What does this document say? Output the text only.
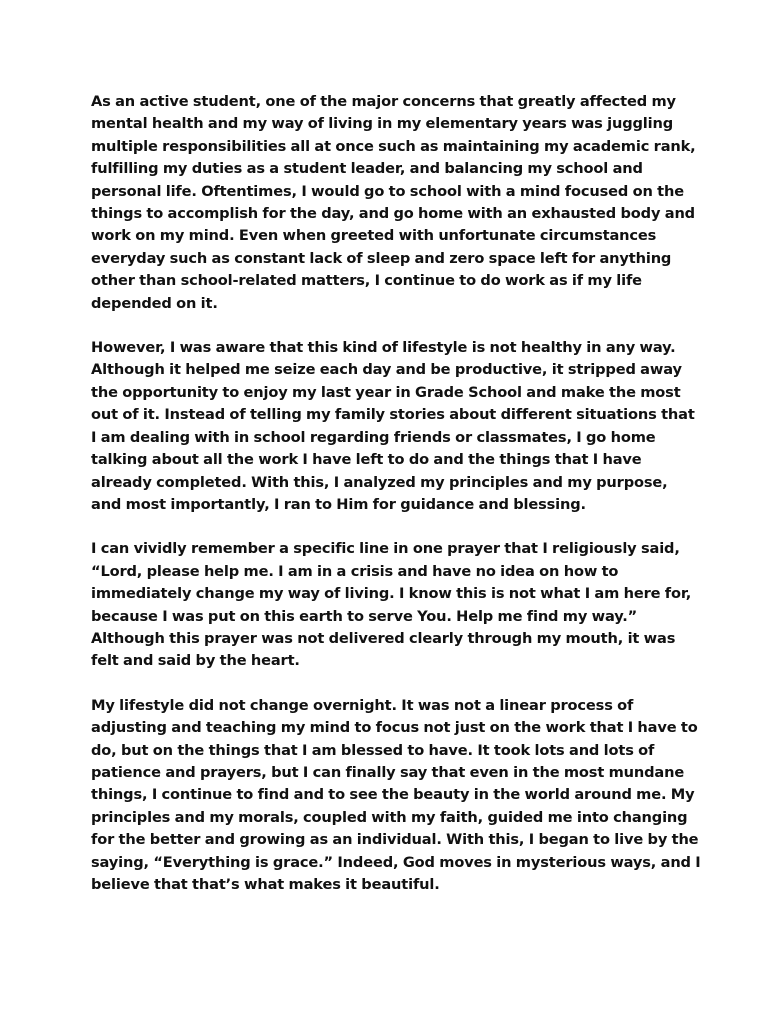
As an active student, one of the major concerns that greatly affected my
mental health and my way of living in my elementary years was juggling
multiple responsibilities all at once such as maintaining my academic rank,
fulfilling my duties as a student leader, and balancing my school and
personal life. Oftentimes, I would go to school with a mind focused on the
things to accomplish for the day, and go home with an exhausted body and
work on my mind. Even when greeted with unfortunate circumstances
everyday such as constant lack of sleep and zero space left for anything
other than school-related matters, I continue to do work as if my life
depended on it.

However, I was aware that this kind of lifestyle is not healthy in any way.
Although it helped me seize each day and be productive, it stripped away
the opportunity to enjoy my last year in Grade School and make the most
out of it. Instead of telling my family stories about different situations that
I am dealing with in school regarding friends or classmates, I go home
talking about all the work I have left to do and the things that I have
already completed. With this, I analyzed my principles and my purpose,
and most importantly, I ran to Him for guidance and blessing.

I can vividly remember a specific line in one prayer that I religiously said,
“Lord, please help me. I am in a crisis and have no idea on how to
immediately change my way of living. I know this is not what I am here for,
because I was put on this earth to serve You. Help me find my way.”
Although this prayer was not delivered clearly through my mouth, it was
felt and said by the heart.

My lifestyle did not change overnight. It was not a linear process of
adjusting and teaching my mind to focus not just on the work that I have to
do, but on the things that I am blessed to have. It took lots and lots of
patience and prayers, but I can finally say that even in the most mundane
things, I continue to find and to see the beauty in the world around me. My
principles and my morals, coupled with my faith, guided me into changing
for the better and growing as an individual. With this, I began to live by the
saying, “Everything is grace.” Indeed, God moves in mysterious ways, and I
believe that that’s what makes it beautiful.
